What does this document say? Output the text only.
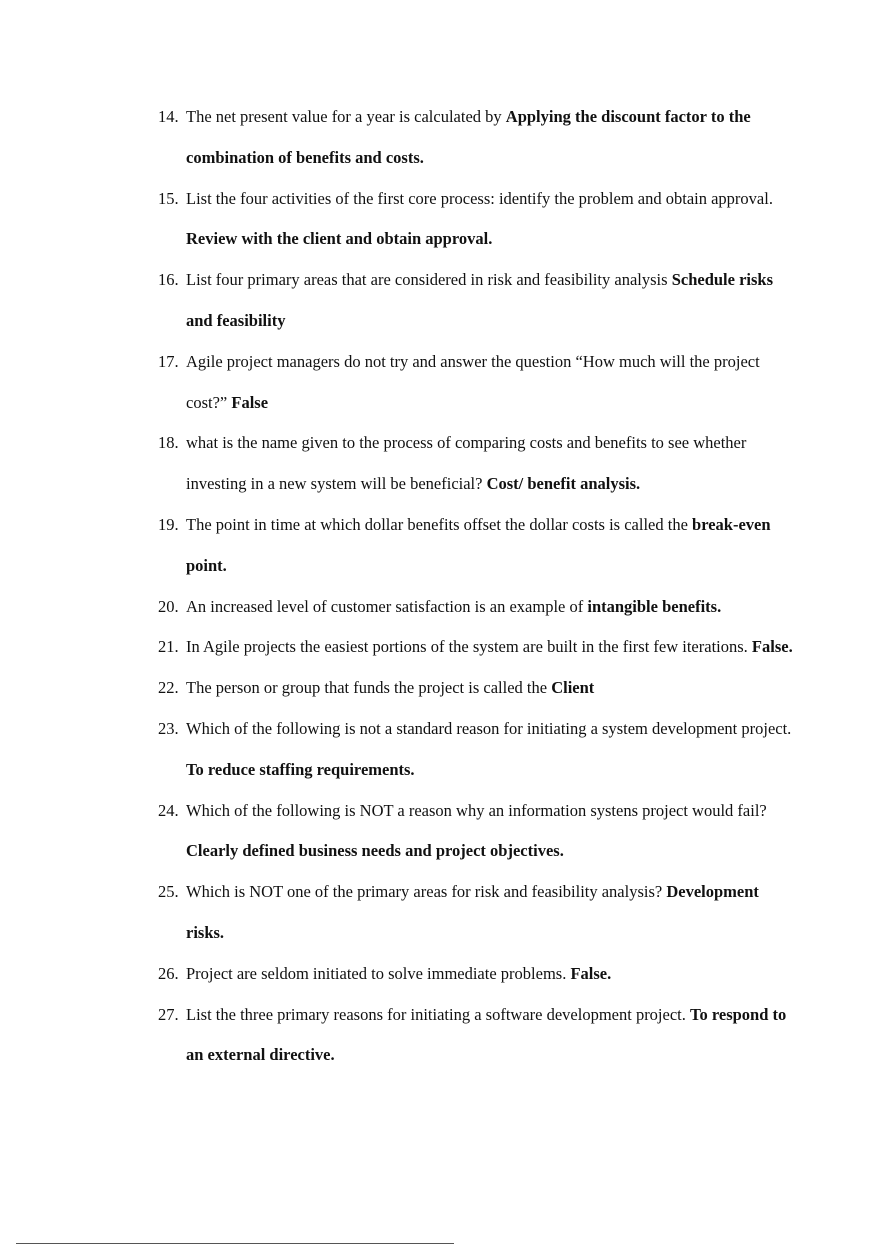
14. The net present value for a year is calculated by Applying the discount factor to the combination of benefits and costs.
15. List the four activities of the first core process: identify the problem and obtain approval. Review with the client and obtain approval.
16. List four primary areas that are considered in risk and feasibility analysis Schedule risks and feasibility
17. Agile project managers do not try and answer the question “How much will the project cost?” False
18. what is the name given to the process of comparing costs and benefits to see whether investing in a new system will be beneficial? Cost/ benefit analysis.
19. The point in time at which dollar benefits offset the dollar costs is called the break-even point.
20. An increased level of customer satisfaction is an example of intangible benefits.
21. In Agile projects the easiest portions of the system are built in the first few iterations. False.
22. The person or group that funds the project is called the Client
23. Which of the following is not a standard reason for initiating a system development project. To reduce staffing requirements.
24. Which of the following is NOT a reason why an information systens project would fail? Clearly defined business needs and project objectives.
25. Which is NOT one of the primary areas for risk and feasibility analysis? Development risks.
26. Project are seldom initiated to solve immediate problems. False.
27. List the three primary reasons for initiating a software development project. To respond to an external directive.
